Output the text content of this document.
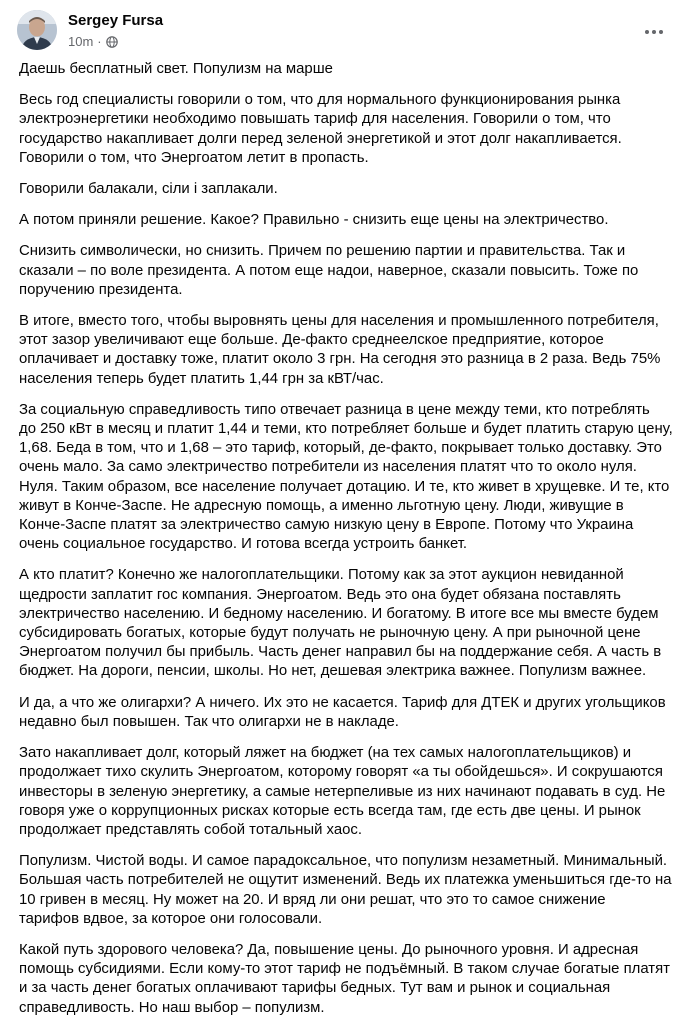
Sergey Fursa
10m ·

Даешь бесплатный свет. Популизм на марше

Весь год специалисты говорили о том, что для нормального функционирования рынка
электроэнергетики необходимо повышать тариф для населения. Говорили о том, что
государство накапливает долги перед зеленой энергетикой и этот долг накапливается.
Говорили о том, что Энергоатом летит в пропасть.

Говорили балакали, сіли і заплакали.

А потом приняли решение. Какое? Правильно - снизить еще цены на электричество.

Снизить символически, но снизить. Причем по решению партии и правительства. Так и
сказали – по воле президента. А потом еще надои, наверное, сказали повысить. Тоже по
поручению президента.

В итоге, вместо того, чтобы выровнять цены для населения и промышленного потребителя,
этот зазор увеличивают еще больше. Де-факто среднеелское предприятие, которое
оплачивает и доставку тоже, платит около 3 грн. На сегодня это разница в 2 раза. Ведь 75%
населения теперь будет платить 1,44 грн за кВТ/час.

За социальную справедливость типо отвечает разница в цене между теми, кто потреблять
до 250 кВт в месяц и платит 1,44 и теми, кто потребляет больше и будет платить старую цену,
1,68. Беда в том, что и 1,68 – это тариф, который, де-факто, покрывает только доставку. Это
очень мало. За само электричество потребители из населения платят что то около нуля.
Нуля. Таким образом, все население получает дотацию. И те, кто живет в хрущевке. И те, кто
живут в Конче-Заспе. Не адресную помощь, а именно льготную цену. Люди, живущие в
Конче-Заспе платят за электричество самую низкую цену в Европе. Потому что Украина
очень социальное государство. И готова всегда устроить банкет.

А кто платит? Конечно же налогоплательщики. Потому как за этот аукцион невиданной
щедрости заплатит гос компания. Энергоатом. Ведь это она будет обязана поставлять
электричество населению. И бедному населению. И богатому. В итоге все мы вместе будем
субсидировать богатых, которые будут получать не рыночную цену. А при рыночной цене
Энергоатом получил бы прибыль. Часть денег направил бы на поддержание себя. А часть в
бюджет. На дороги, пенсии, школы. Но нет, дешевая электрика важнее. Популизм важнее.

И да, а что же олигархи? А ничего. Их это не касается. Тариф для ДТЕК и других угольщиков
недавно был повышен. Так что олигархи не в накладе.

Зато накапливает долг, который ляжет на бюджет (на тех самых налогоплательщиков) и
продолжает тихо скулить Энергоатом, которому говорят «а ты обойдешься». И сокрушаются
инвесторы в зеленую энергетику, а самые нетерпеливые из них начинают подавать в суд. Не
говоря уже о коррупционных рисках которые есть всегда там, где есть две цены. И рынок
продолжает представлять собой тотальный хаос.

Популизм. Чистой воды. И самое парадоксальное, что популизм незаметный. Минимальный.
Большая часть потребителей не ощутит изменений. Ведь их платежка уменьшиться где-то на
10 гривен в месяц. Ну может на 20. И вряд ли они решат, что это то самое снижение
тарифов вдвое, за которое они голосовали.

Какой путь здорового человека? Да, повышение цены. До рыночного уровня. И адресная
помощь субсидиями. Если кому-то этот тариф не подъёмный. В таком случае богатые платят
и за часть денег богатых оплачивают тарифы бедных. Тут вам и рынок и социальная
справедливость. Но наш выбор – популизм.
